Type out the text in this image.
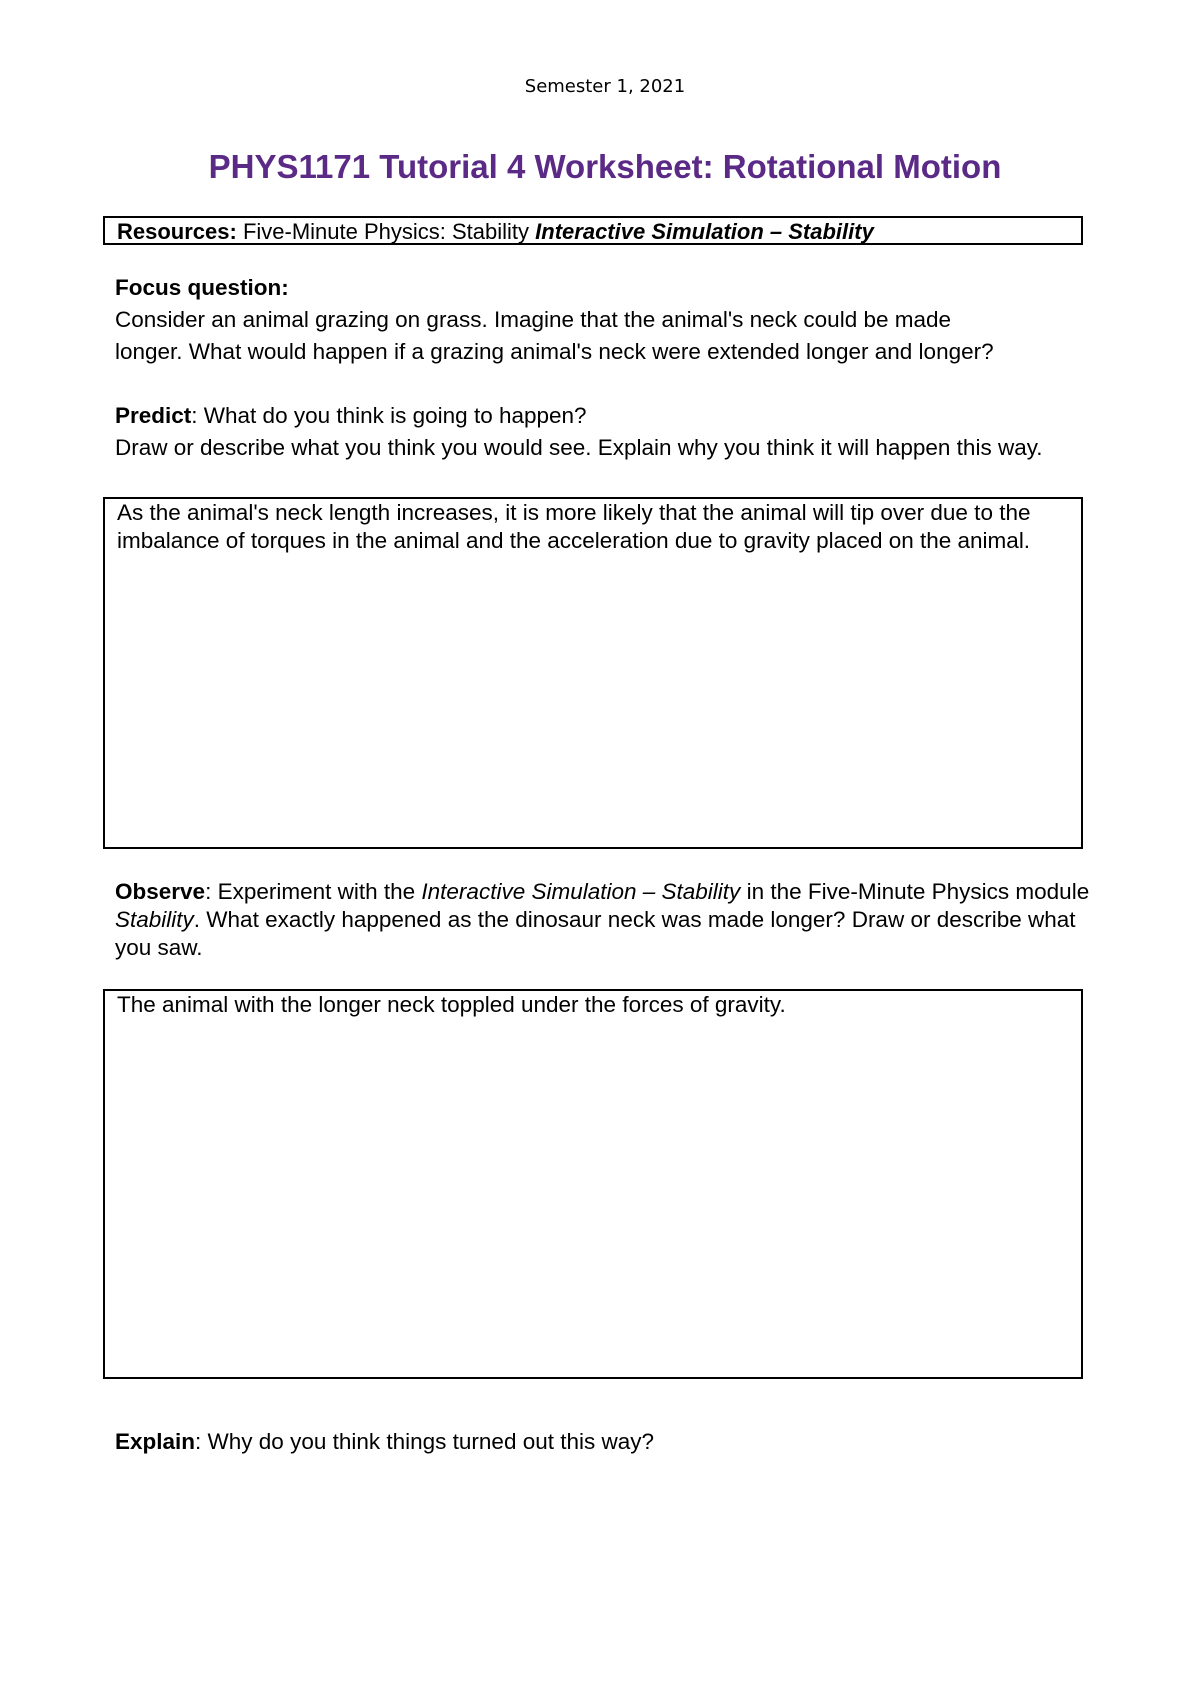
Semester 1, 2021
PHYS1171 Tutorial 4 Worksheet: Rotational Motion
Resources: Five-Minute Physics: Stability Interactive Simulation – Stability
Focus question:
Consider an animal grazing on grass. Imagine that the animal's neck could be made
longer. What would happen if a grazing animal's neck were extended longer and longer?
Predict: What do you think is going to happen?
Draw or describe what you think you would see. Explain why you think it will happen this way.
As the animal's neck length increases, it is more likely that the animal will tip over due to the imbalance of torques in the animal and the acceleration due to gravity placed on the animal.
Observe: Experiment with the Interactive Simulation – Stability in the Five-Minute Physics module Stability. What exactly happened as the dinosaur neck was made longer? Draw or describe what you saw.
The animal with the longer neck toppled under the forces of gravity.
Explain: Why do you think things turned out this way?
